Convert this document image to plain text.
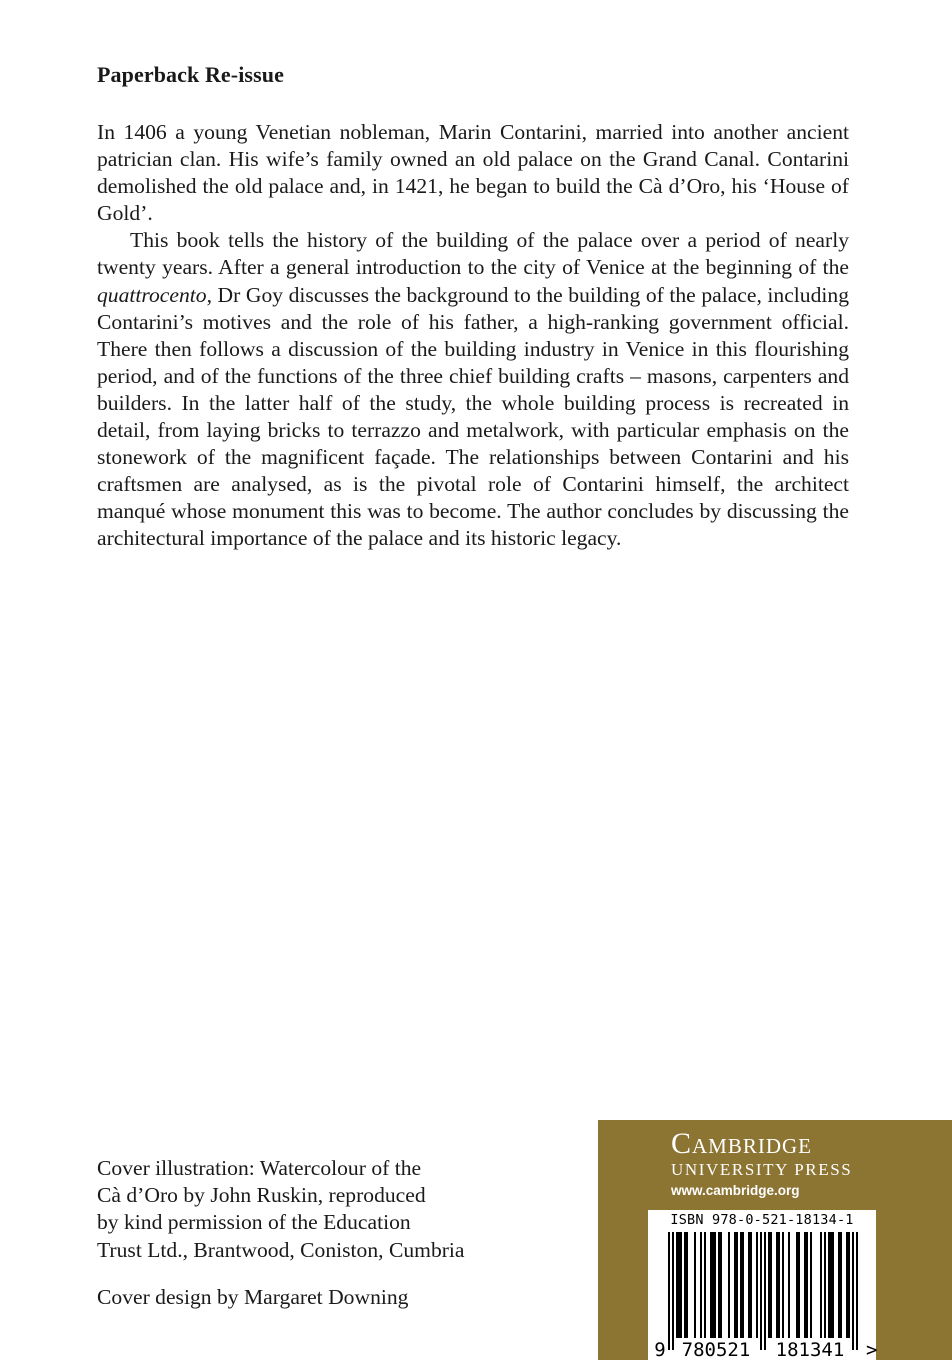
Paperback Re-issue

In 1406 a young Venetian nobleman, Marin Contarini, married into another ancient patrician clan. His wife’s family owned an old palace on the Grand Canal. Contarini demolished the old palace and, in 1421, he began to build the Cà d’Oro, his ‘House of Gold’.

This book tells the history of the building of the palace over a period of nearly twenty years. After a general introduction to the city of Venice at the beginning of the quattrocento, Dr Goy discusses the background to the building of the palace, including Contarini’s motives and the role of his father, a high-ranking government official. There then follows a discussion of the building industry in Venice in this flourishing period, and of the functions of the three chief building crafts – masons, carpenters and builders. In the latter half of the study, the whole building process is recreated in detail, from laying bricks to terrazzo and metalwork, with particular emphasis on the stonework of the magnificent façade. The relationships between Contarini and his craftsmen are analysed, as is the pivotal role of Contarini himself, the architect manqué whose monument this was to become. The author concludes by discussing the architectural importance of the palace and its historic legacy.

Cover illustration: Watercolour of the
Cà d’Oro by John Ruskin, reproduced
by kind permission of the Education
Trust Ltd., Brantwood, Coniston, Cumbria
Cover design by Margaret Downing
Cambridge
UNIVERSITY PRESS
www.cambridge.org
ISBN 978-0-521-18134-1
9 780521 181341 >
